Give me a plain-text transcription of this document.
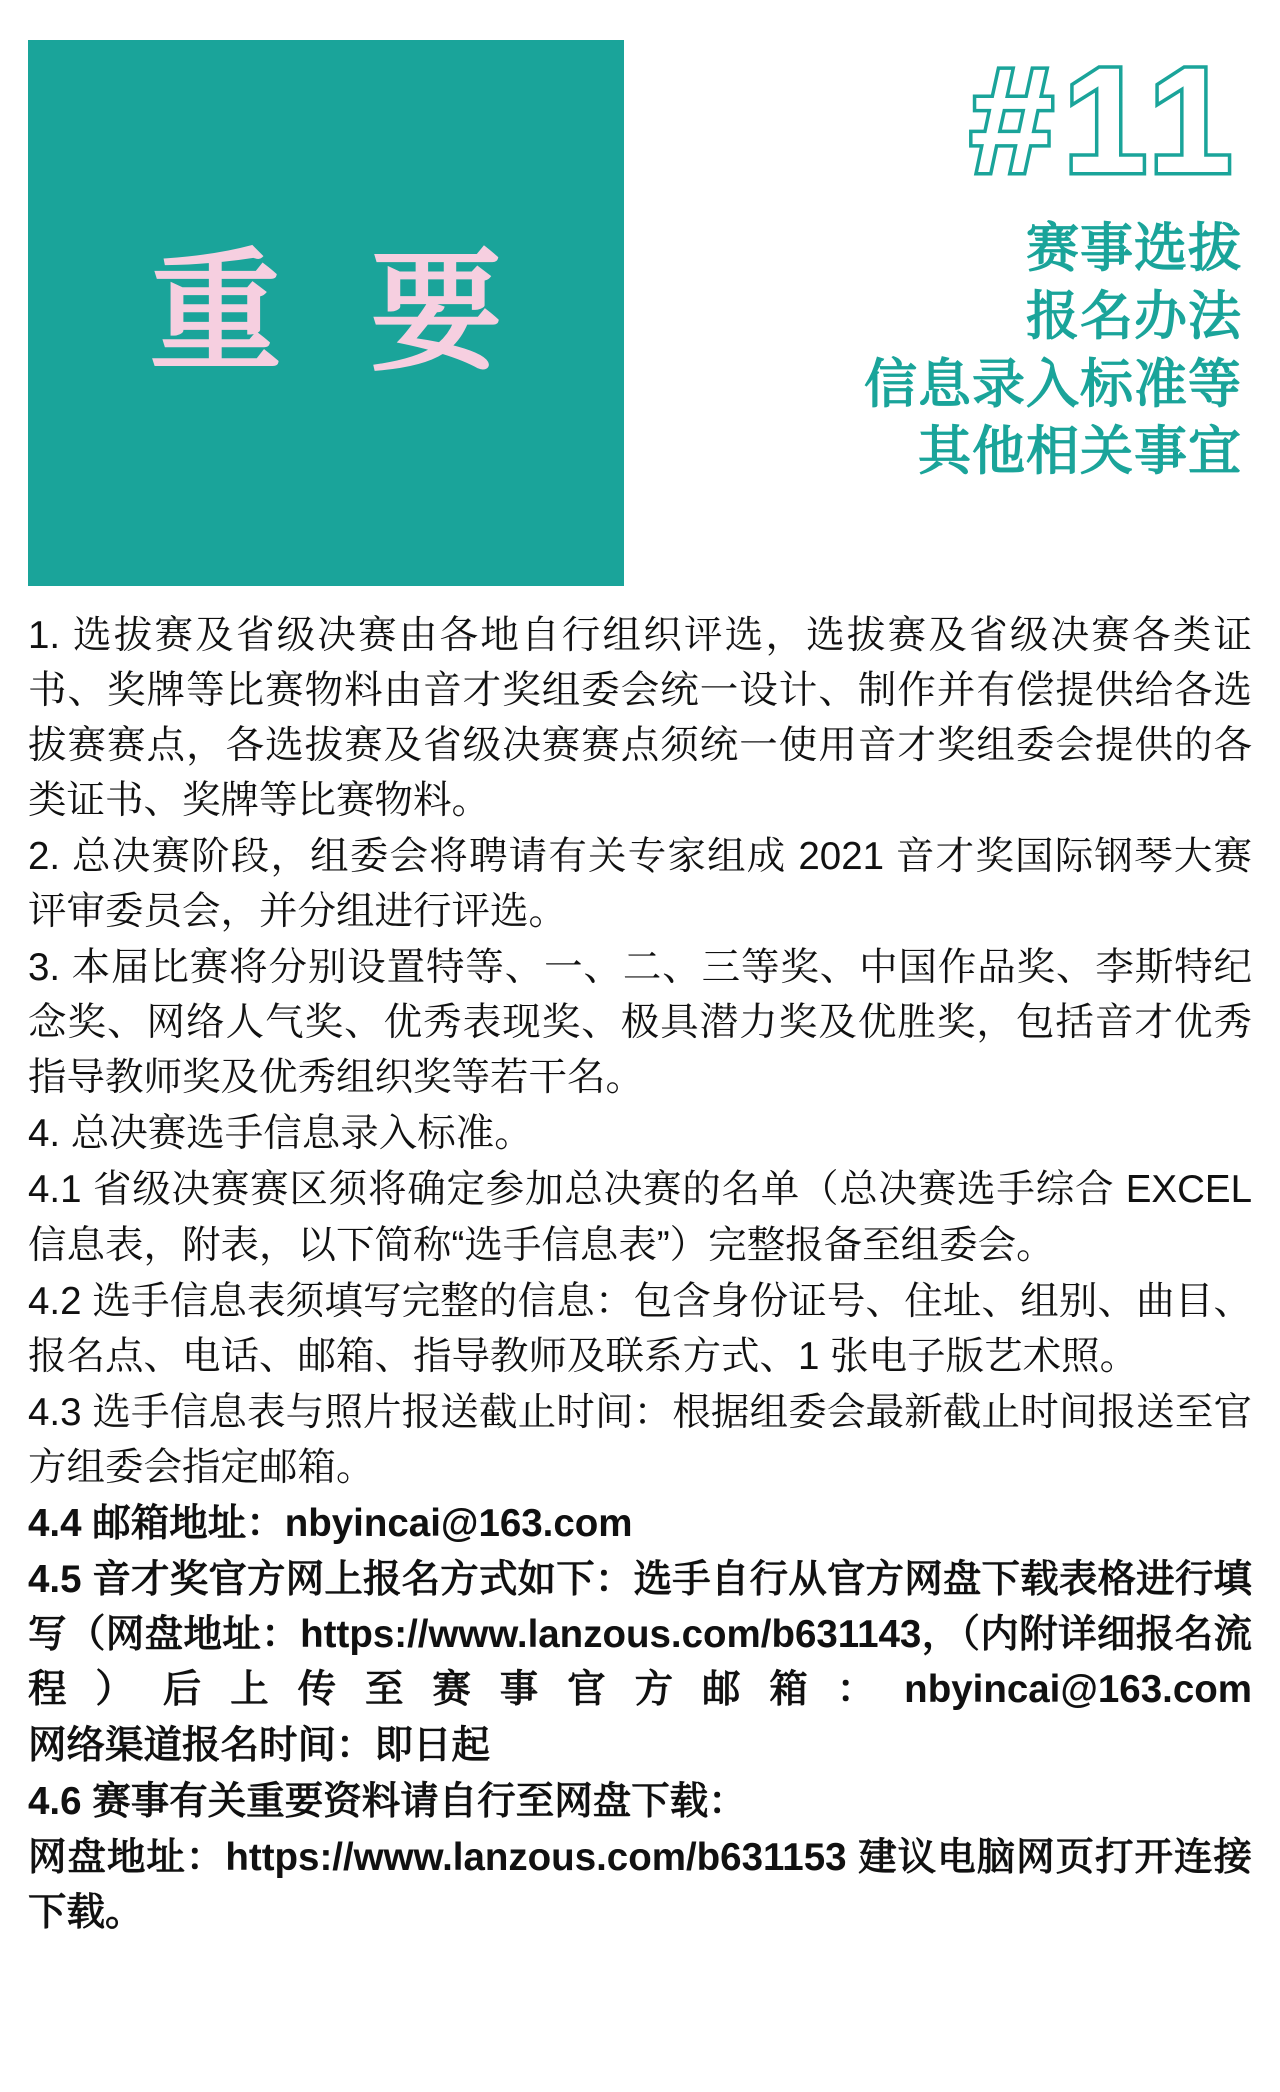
重 要
#11
赛事选拔
报名办法
信息录入标准等
其他相关事宜

1. 选拔赛及省级决赛由各地自行组织评选，选拔赛及省级决赛各类证书、奖牌等比赛物料由音才奖组委会统一设计、制作并有偿提供给各选拔赛赛点，各选拔赛及省级决赛赛点须统一使用音才奖组委会提供的各类证书、奖牌等比赛物料。

2. 总决赛阶段，组委会将聘请有关专家组成 2021 音才奖国际钢琴大赛评审委员会，并分组进行评选。

3. 本届比赛将分别设置特等、一、二、三等奖、中国作品奖、李斯特纪念奖、网络人气奖、优秀表现奖、极具潜力奖及优胜奖，包括音才优秀指导教师奖及优秀组织奖等若干名。

4. 总决赛选手信息录入标准。

4.1 省级决赛赛区须将确定参加总决赛的名单（总决赛选手综合 EXCEL 信息表，附表，以下简称“选手信息表”）完整报备至组委会。

4.2 选手信息表须填写完整的信息：包含身份证号、住址、组别、曲目、报名点、电话、邮箱、指导教师及联系方式、1 张电子版艺术照。

4.3 选手信息表与照片报送截止时间：根据组委会最新截止时间报送至官方组委会指定邮箱。

4.4 邮箱地址：nbyincai@163.com

4.5 音才奖官方网上报名方式如下：选手自行从官方网盘下载表格进行填写（网盘地址：https://www.lanzous.com/b631143，（内附详细报名流程）后上传至赛事官方邮箱：nbyincai@163.com

网络渠道报名时间：即日起

4.6 赛事有关重要资料请自行至网盘下载：

网盘地址：https://www.lanzous.com/b631153 建议电脑网页打开连接下载。
